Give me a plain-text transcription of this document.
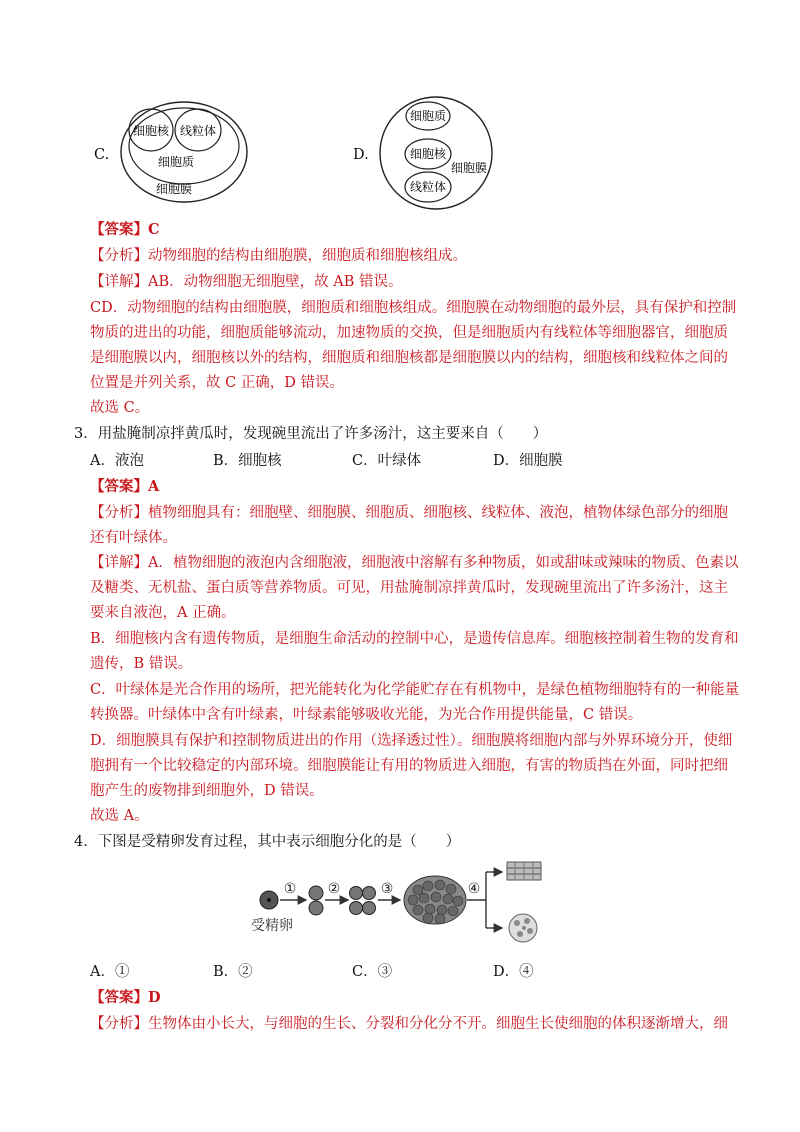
C.
细胞核 线粒体
细胞质
细胞膜
D.
细胞质
细胞核
线粒体
细胞膜
【答案】C
【分析】动物细胞的结构由细胞膜，细胞质和细胞核组成。
【详解】AB．动物细胞无细胞壁，故 AB 错误。
CD．动物细胞的结构由细胞膜，细胞质和细胞核组成。细胞膜在动物细胞的最外层，具有保护和控制
物质的进出的功能，细胞质能够流动，加速物质的交换，但是细胞质内有线粒体等细胞器官，细胞质
是细胞膜以内，细胞核以外的结构，细胞质和细胞核都是细胞膜以内的结构，细胞核和线粒体之间的
位置是并列关系，故 C 正确，D 错误。
故选 C。
3．用盐腌制凉拌黄瓜时，发现碗里流出了许多汤汁，这主要来自（　　）
A．液泡	B．细胞核	C．叶绿体	D．细胞膜
【答案】A
【分析】植物细胞具有：细胞壁、细胞膜、细胞质、细胞核、线粒体、液泡，植物体绿色部分的细胞
还有叶绿体。
【详解】A．植物细胞的液泡内含细胞液，细胞液中溶解有多种物质，如或甜味或辣味的物质、色素以
及糖类、无机盐、蛋白质等营养物质。可见，用盐腌制凉拌黄瓜时，发现碗里流出了许多汤汁，这主
要来自液泡，A 正确。
B．细胞核内含有遗传物质，是细胞生命活动的控制中心，是遗传信息库。细胞核控制着生物的发育和
遗传，B 错误。
C．叶绿体是光合作用的场所，把光能转化为化学能贮存在有机物中，是绿色植物细胞特有的一种能量
转换器。叶绿体中含有叶绿素，叶绿素能够吸收光能，为光合作用提供能量，C 错误。
D．细胞膜具有保护和控制物质进出的作用（选择透过性）。细胞膜将细胞内部与外界环境分开，使细
胞拥有一个比较稳定的内部环境。细胞膜能让有用的物质进入细胞，有害的物质挡在外面，同时把细
胞产生的废物排到细胞外，D 错误。
故选 A。
4．下图是受精卵发育过程，其中表示细胞分化的是（　　）
受精卵
① ②	③	④
A．①	B．②	C．③	D．④
【答案】D
【分析】生物体由小长大，与细胞的生长、分裂和分化分不开。细胞生长使细胞的体积逐渐增大，细
